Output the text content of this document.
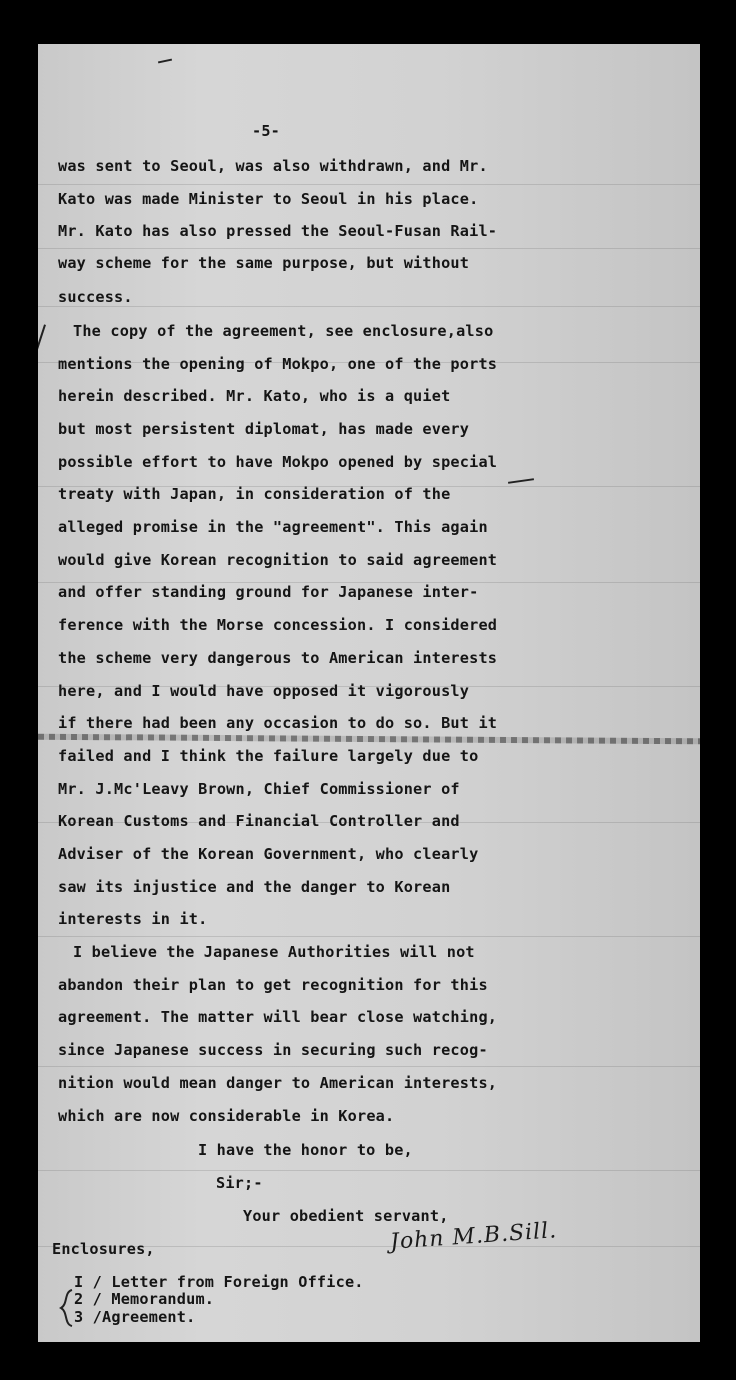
-5-
was sent to Seoul, was also withdrawn, and Mr.
Kato was made Minister to Seoul in his place.
Mr. Kato has also pressed the Seoul-Fusan Rail-
way scheme for the same purpose, but without
success.
The copy of the agreement, see enclosure,also
mentions the opening of Mokpo, one of the ports
herein described. Mr. Kato, who is a quiet
but most persistent diplomat, has made every
possible effort to have Mokpo opened by special
treaty with Japan, in consideration of the
alleged promise in the "agreement". This again
would give Korean recognition to said agreement
and offer standing ground for Japanese inter-
ference with the Morse concession. I considered
the scheme very dangerous to American interests
here, and I would have opposed it vigorously
if there had been any occasion to do so. But it
failed and I think the failure largely due to
Mr. J.Mc'Leavy Brown, Chief Commissioner of
Korean Customs and Financial Controller and
Adviser of the Korean Government, who clearly
saw its injustice and the danger to Korean
interests in it.
I believe the Japanese Authorities will not
abandon their plan to get recognition for this
agreement. The matter will bear close watching,
since Japanese success in securing such recog-
nition would mean danger to American interests,
which are now considerable in Korea.
I have the honor to be,
Sir;-
Your obedient servant,
John M.B.Sill.
Enclosures,
I / Letter from Foreign Office.
2 / Memorandum.
3 /Agreement.
